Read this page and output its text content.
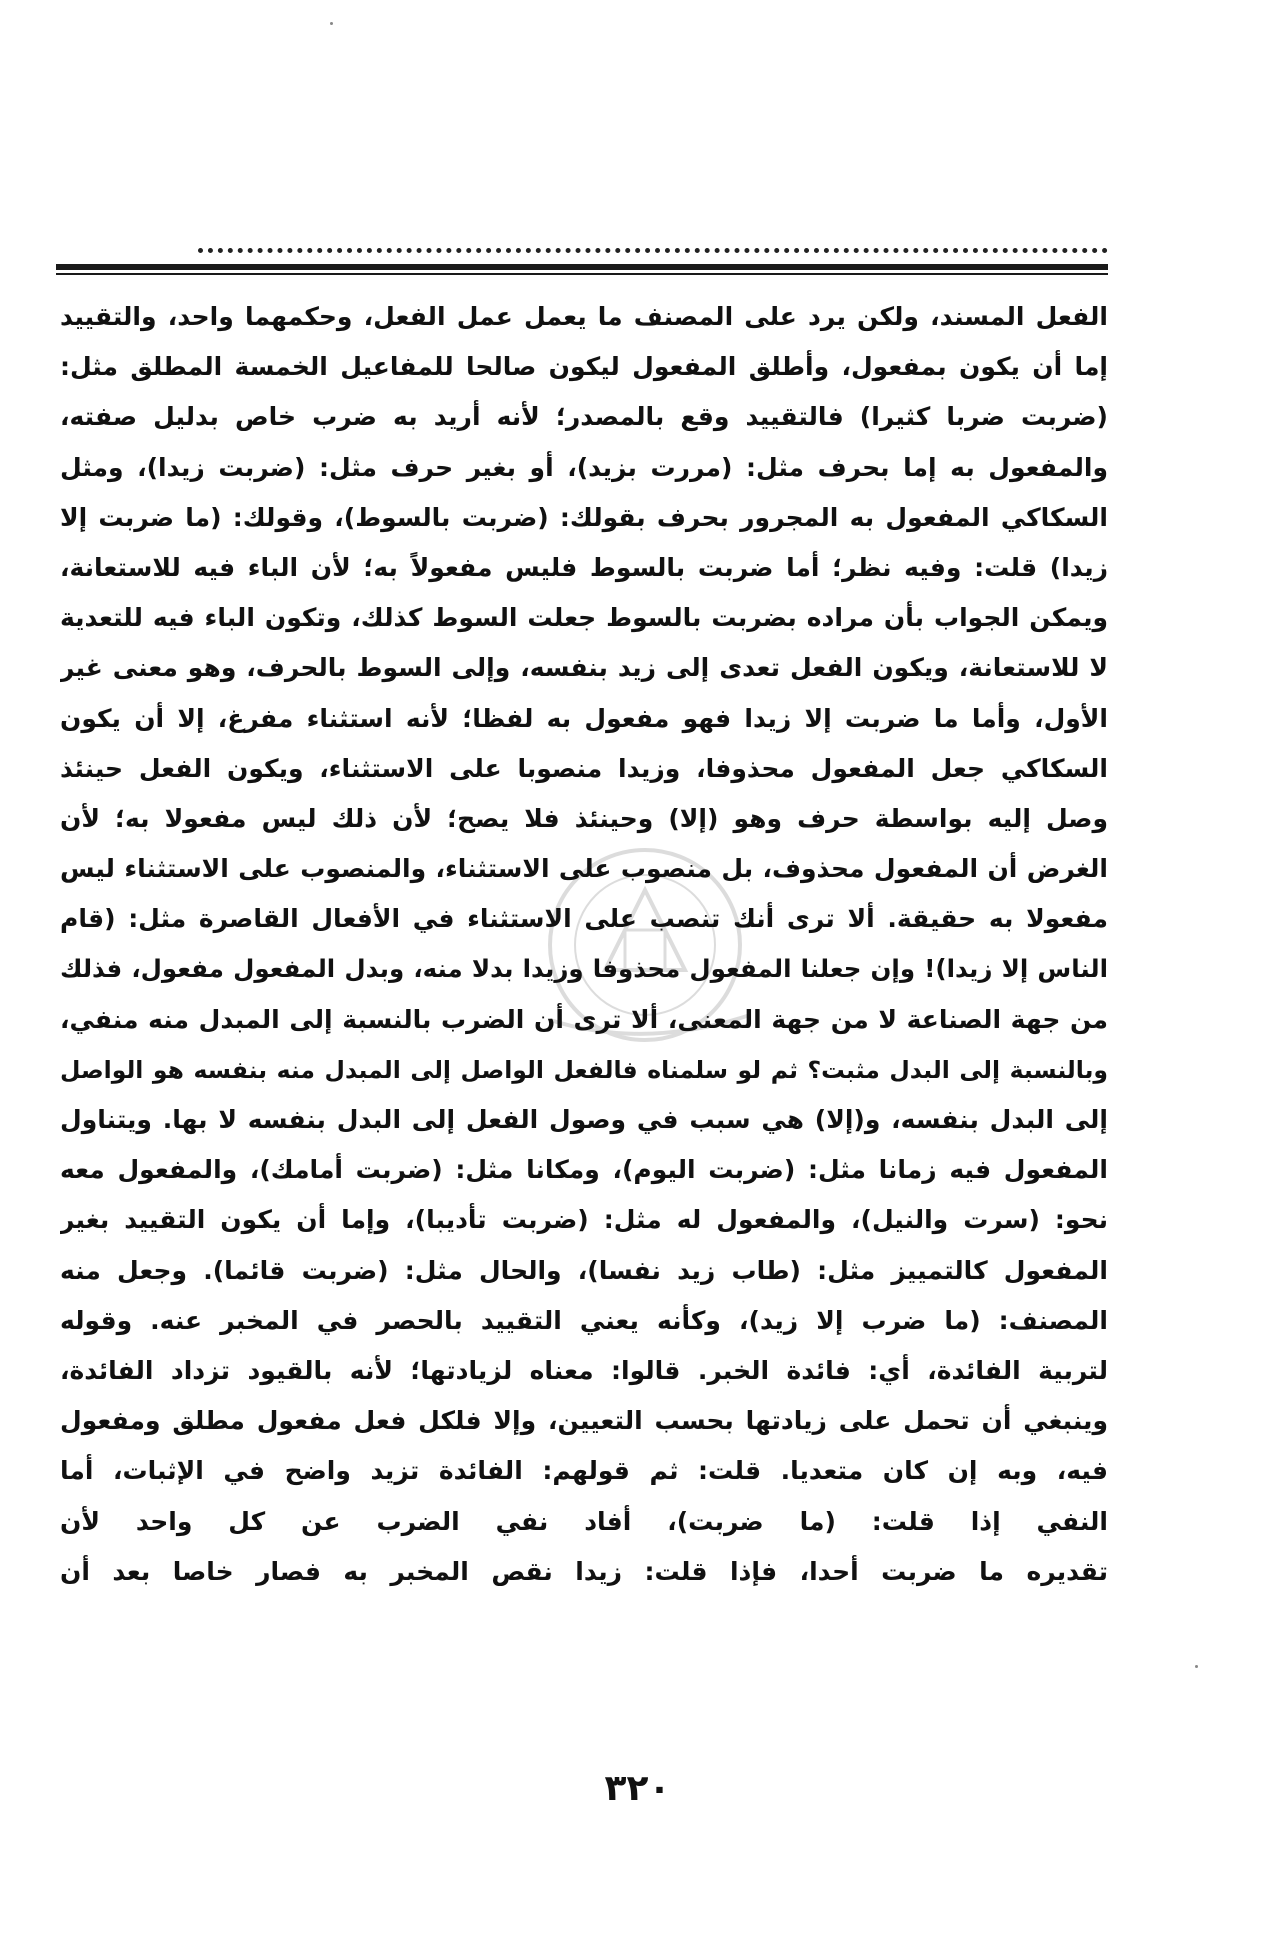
الفعل المسند، ولكن يرد على المصنف ما يعمل عمل الفعل، وحكمهما واحد، والتقييد
إما أن يكون بمفعول، وأطلق المفعول ليكون صالحا للمفاعيل الخمسة المطلق مثل:
(ضربت ضربا كثيرا) فالتقييد وقع بالمصدر؛ لأنه أريد به ضرب خاص بدليل صفته،
والمفعول به إما بحرف مثل: (مررت بزيد)، أو بغير حرف مثل: (ضربت زيدا)، ومثل
السكاكي المفعول به المجرور بحرف بقولك: (ضربت بالسوط)، وقولك: (ما ضربت إلا
زيدا) قلت: وفيه نظر؛ أما ضربت بالسوط فليس مفعولاً به؛ لأن الباء فيه للاستعانة،
ويمكن الجواب بأن مراده بضربت بالسوط جعلت السوط كذلك، وتكون الباء فيه للتعدية
لا للاستعانة، ويكون الفعل تعدى إلى زيد بنفسه، وإلى السوط بالحرف، وهو معنى غير
الأول، وأما ما ضربت إلا زيدا فهو مفعول به لفظا؛ لأنه استثناء مفرغ، إلا أن يكون
السكاكي جعل المفعول محذوفا، وزيدا منصوبا على الاستثناء، ويكون الفعل حينئذ
وصل إليه بواسطة حرف وهو (إلا) وحينئذ فلا يصح؛ لأن ذلك ليس مفعولا به؛ لأن
الغرض أن المفعول محذوف، بل منصوب على الاستثناء، والمنصوب على الاستثناء ليس
مفعولا به حقيقة. ألا ترى أنك تنصب على الاستثناء في الأفعال القاصرة مثل: (قام
الناس إلا زيدا)! وإن جعلنا المفعول محذوفا وزيدا بدلا منه، وبدل المفعول مفعول، فذلك
من جهة الصناعة لا من جهة المعنى، ألا ترى أن الضرب بالنسبة إلى المبدل منه منفي،
وبالنسبة إلى البدل مثبت؟ ثم لو سلمناه فالفعل الواصل إلى المبدل منه بنفسه هو الواصل
إلى البدل بنفسه، و(إلا) هي سبب في وصول الفعل إلى البدل بنفسه لا بها. ويتناول
المفعول فيه زمانا مثل: (ضربت اليوم)، ومكانا مثل: (ضربت أمامك)، والمفعول معه
نحو: (سرت والنيل)، والمفعول له مثل: (ضربت تأديبا)، وإما أن يكون التقييد بغير
المفعول كالتمييز مثل: (طاب زيد نفسا)، والحال مثل: (ضربت قائما). وجعل منه
المصنف: (ما ضرب إلا زيد)، وكأنه يعني التقييد بالحصر في المخبر عنه. وقوله
لتربية الفائدة، أي: فائدة الخبر. قالوا: معناه لزيادتها؛ لأنه بالقيود تزداد الفائدة،
وينبغي أن تحمل على زيادتها بحسب التعيين، وإلا فلكل فعل مفعول مطلق ومفعول
فيه، وبه إن كان متعديا. قلت: ثم قولهم: الفائدة تزيد واضح في الإثبات، أما
النفي إذا قلت: (ما ضربت)، أفاد نفي الضرب عن كل واحد لأن
تقديره ما ضربت أحدا، فإذا قلت: زيدا نقص المخبر به فصار خاصا بعد أن
٣٢٠
